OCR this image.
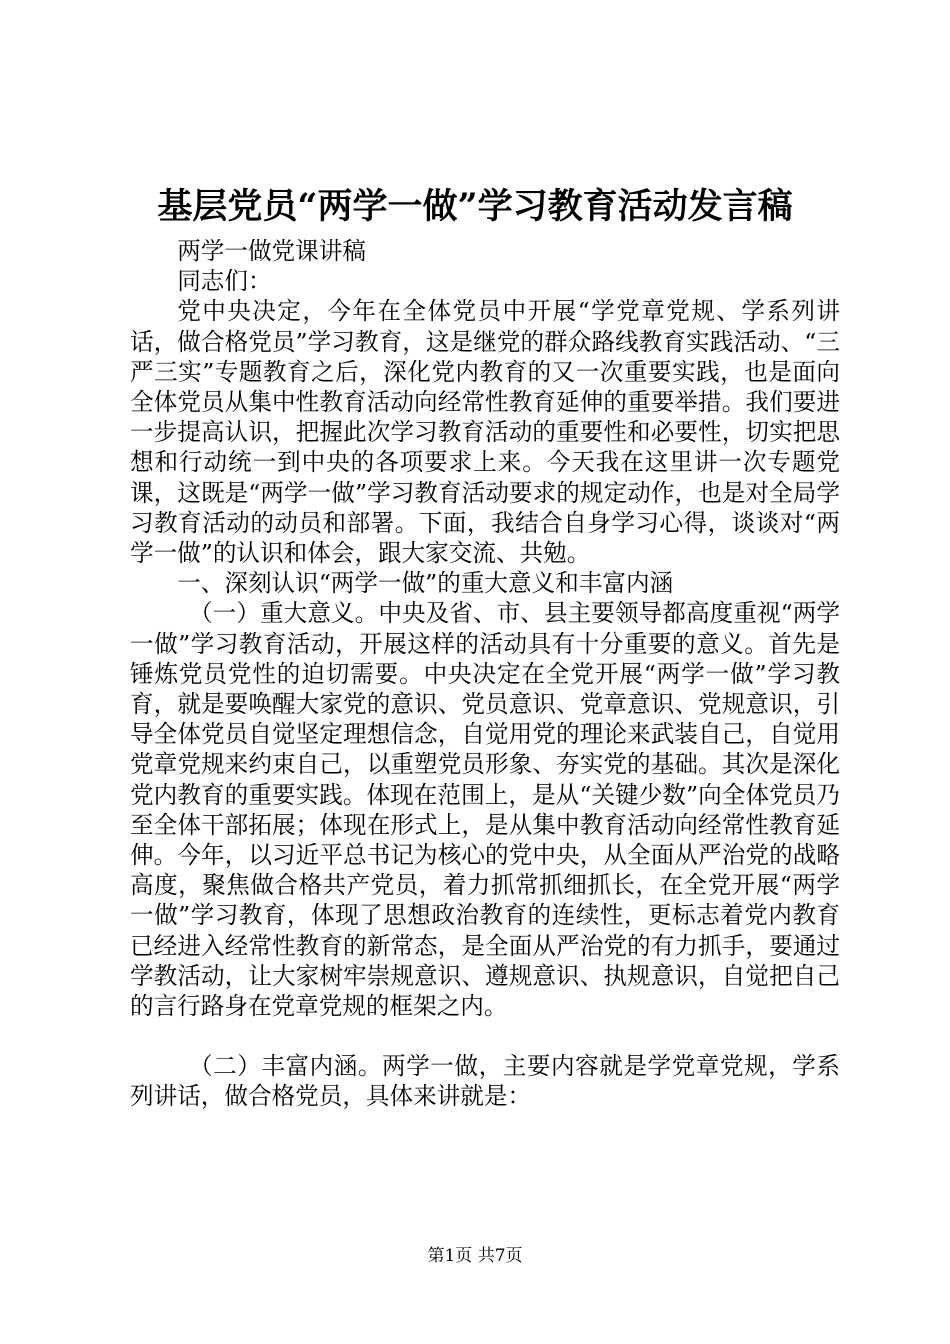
基层党员“两学一做”学习教育活动发言稿

两学一做党课讲稿

同志们：

党中央决定，今年在全体党员中开展“学党章党规、学系列讲话，做合格党员”学习教育，这是继党的群众路线教育实践活动、“三严三实”专题教育之后，深化党内教育的又一次重要实践，也是面向全体党员从集中性教育活动向经常性教育延伸的重要举措。我们要进一步提高认识，把握此次学习教育活动的重要性和必要性，切实把思想和行动统一到中央的各项要求上来。今天我在这里讲一次专题党课，这既是“两学一做”学习教育活动要求的规定动作，也是对全局学习教育活动的动员和部署。下面，我结合自身学习心得，谈谈对“两学一做”的认识和体会，跟大家交流、共勉。

一、深刻认识“两学一做”的重大意义和丰富内涵

（一）重大意义。中央及省、市、县主要领导都高度重视“两学一做”学习教育活动，开展这样的活动具有十分重要的意义。首先是锤炼党员党性的迫切需要。中央决定在全党开展“两学一做”学习教育，就是要唤醒大家党的意识、党员意识、党章意识、党规意识，引导全体党员自觉坚定理想信念，自觉用党的理论来武装自己，自觉用党章党规来约束自己，以重塑党员形象、夯实党的基础。其次是深化党内教育的重要实践。体现在范围上，是从“关键少数”向全体党员乃至全体干部拓展；体现在形式上，是从集中教育活动向经常性教育延伸。今年，以习近平总书记为核心的党中央，从全面从严治党的战略高度，聚焦做合格共产党员，着力抓常抓细抓长，在全党开展“两学一做”学习教育，体现了思想政治教育的连续性，更标志着党内教育已经进入经常性教育的新常态，是全面从严治党的有力抓手，要通过学教活动，让大家树牢崇规意识、遵规意识、执规意识，自觉把自己的言行路身在党章党规的框架之内。

（二）丰富内涵。两学一做，主要内容就是学党章党规，学系列讲话，做合格党员，具体来讲就是：

第1页 共7页
